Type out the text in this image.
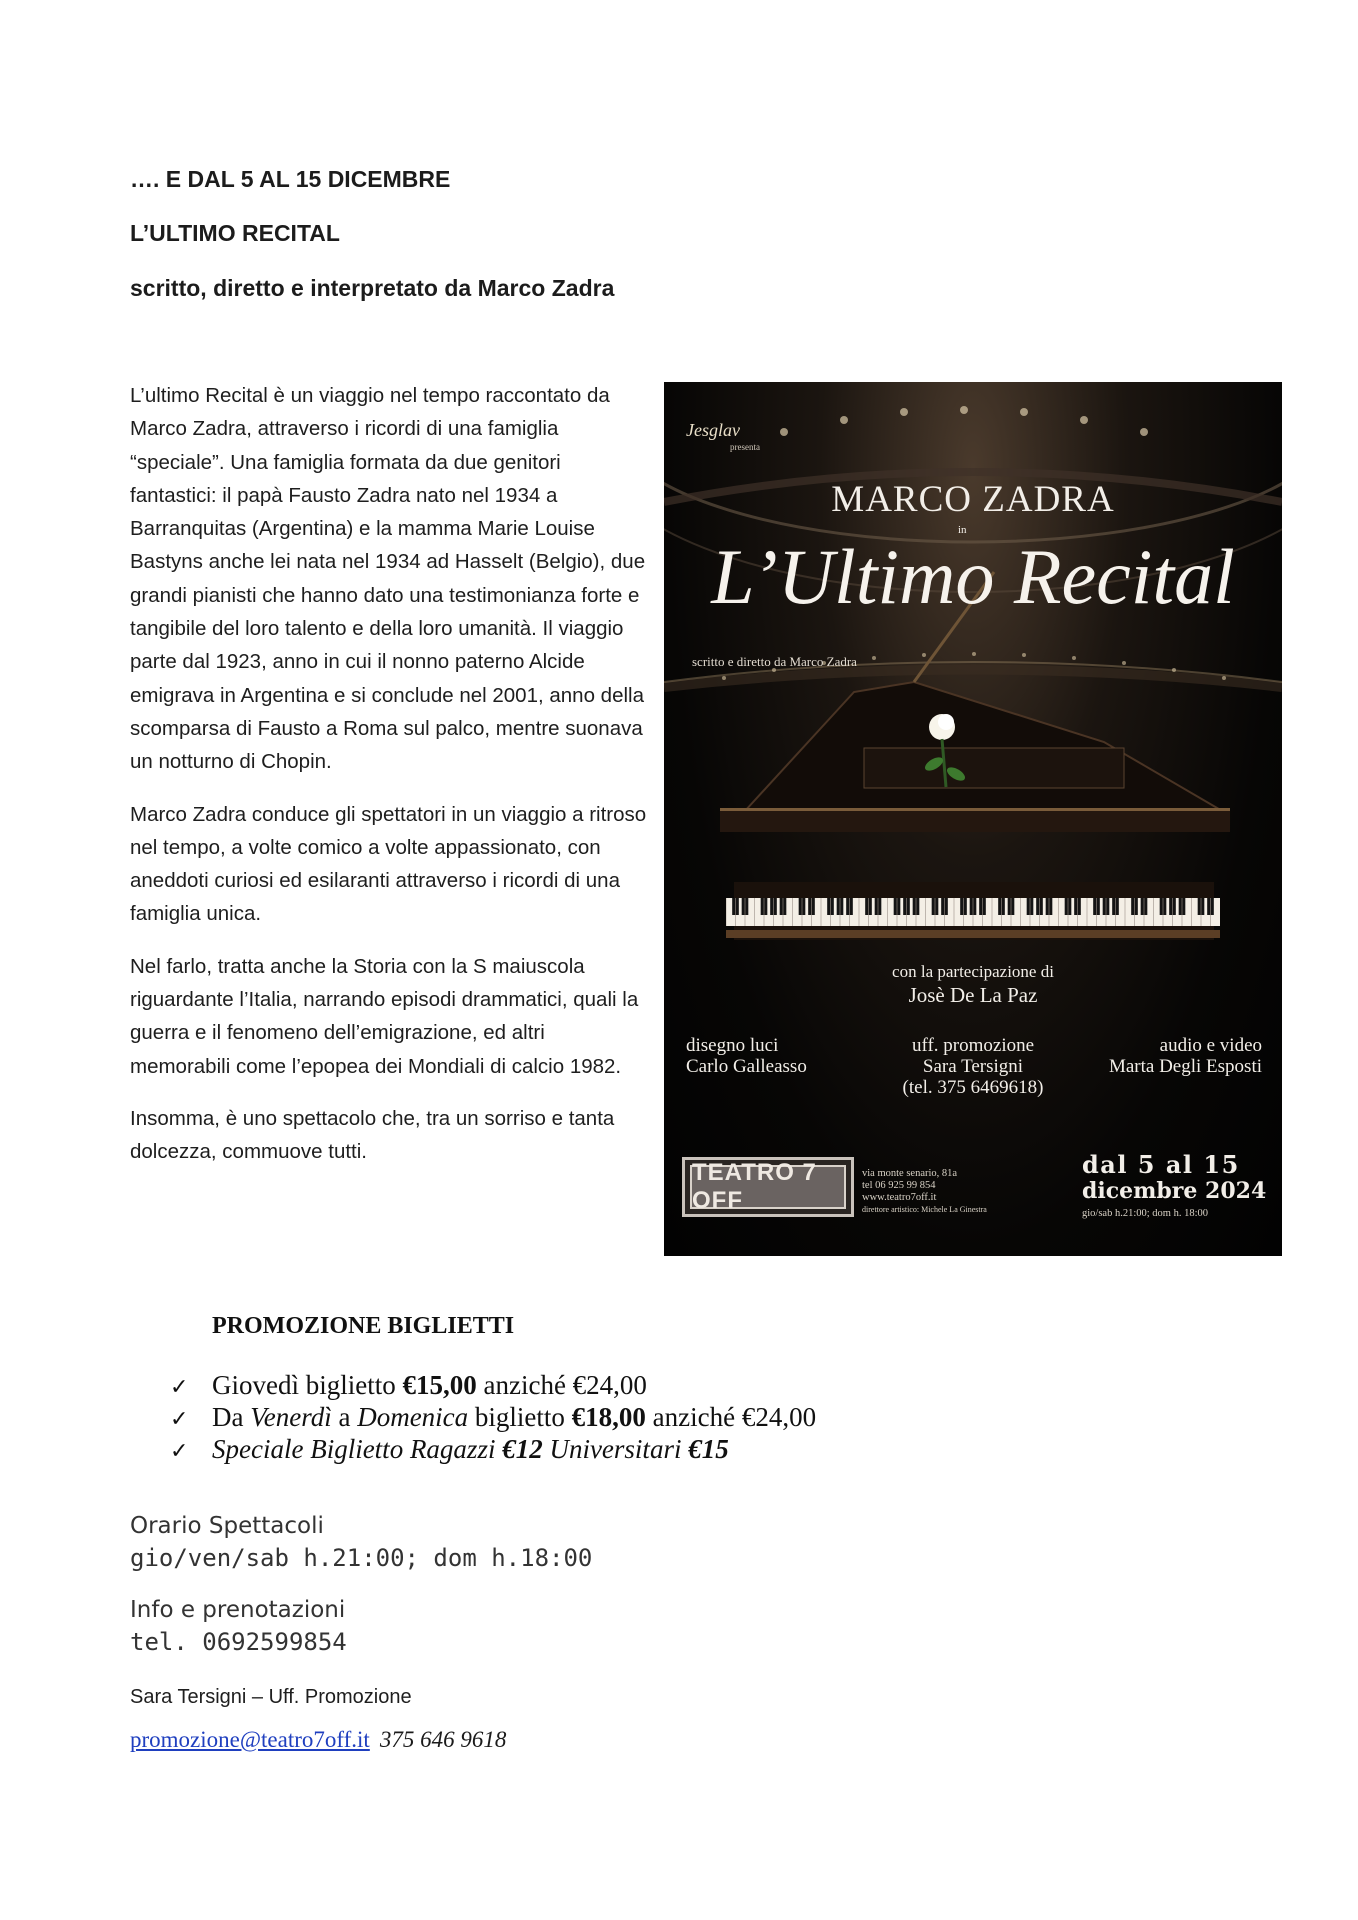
…. E DAL 5 AL 15 DICEMBRE
L’ULTIMO RECITAL
scritto, diretto e interpretato da Marco Zadra

L’ultimo Recital è un viaggio nel tempo raccontato da Marco Zadra, attraverso i ricordi di una famiglia “speciale”. Una famiglia formata da due genitori fantastici: il papà Fausto Zadra nato nel 1934 a Barranquitas (Argentina) e la mamma Marie Louise Bastyns anche lei nata nel 1934 ad Hasselt (Belgio), due grandi pianisti che hanno dato una testimonianza forte e tangibile del loro talento e della loro umanità. Il viaggio parte dal 1923, anno in cui il nonno paterno Alcide emigrava in Argentina e si conclude nel 2001, anno della scomparsa di Fausto a Roma sul palco, mentre suonava un notturno di Chopin.

Marco Zadra conduce gli spettatori in un viaggio a ritroso nel tempo, a volte comico a volte appassionato, con aneddoti curiosi ed esilaranti attraverso i ricordi di una famiglia unica.

Nel farlo, tratta anche la Storia con la S maiuscola riguardante l’Italia, narrando episodi drammatici, quali la guerra e il fenomeno dell’emigrazione, ed altri memorabili come l’epopea dei Mondiali di calcio 1982.

Insomma, è uno spettacolo che, tra un sorriso e tanta dolcezza, commuove tutti.

Jesglav
presenta
MARCO ZADRA
in
L’Ultimo Recital
scritto e diretto da Marco Zadra
con la partecipazione di
Josè De La Paz
disegno luci
Carlo Galleasso
uff. promozione
Sara Tersigni
(tel. 375 6469618)
audio e video
Marta Degli Esposti
TEATRO 7 OFF
via monte senario, 81a
tel 06 925 99 854
www.teatro7off.it
direttore artistico: Michele La Ginestra
dal 5 al 15
dicembre 2024
gio/sab h.21:00; dom h. 18:00
PROMOZIONE BIGLIETTI
✓ Giovedì biglietto
€15,00
anziché €24,00
✓ Da
Venerdì
a
Domenica
biglietto
€18,00
anziché €24,00
✓ Speciale Biglietto Ragazzi
€12
Universitari
€15
Orario Spettacoli
gio/ven/sab h.21:00; dom h.18:00
Info e prenotazioni
tel. 0692599854
Sara Tersigni – Uff. Promozione
promozione@teatro7off.it 375 646 9618
